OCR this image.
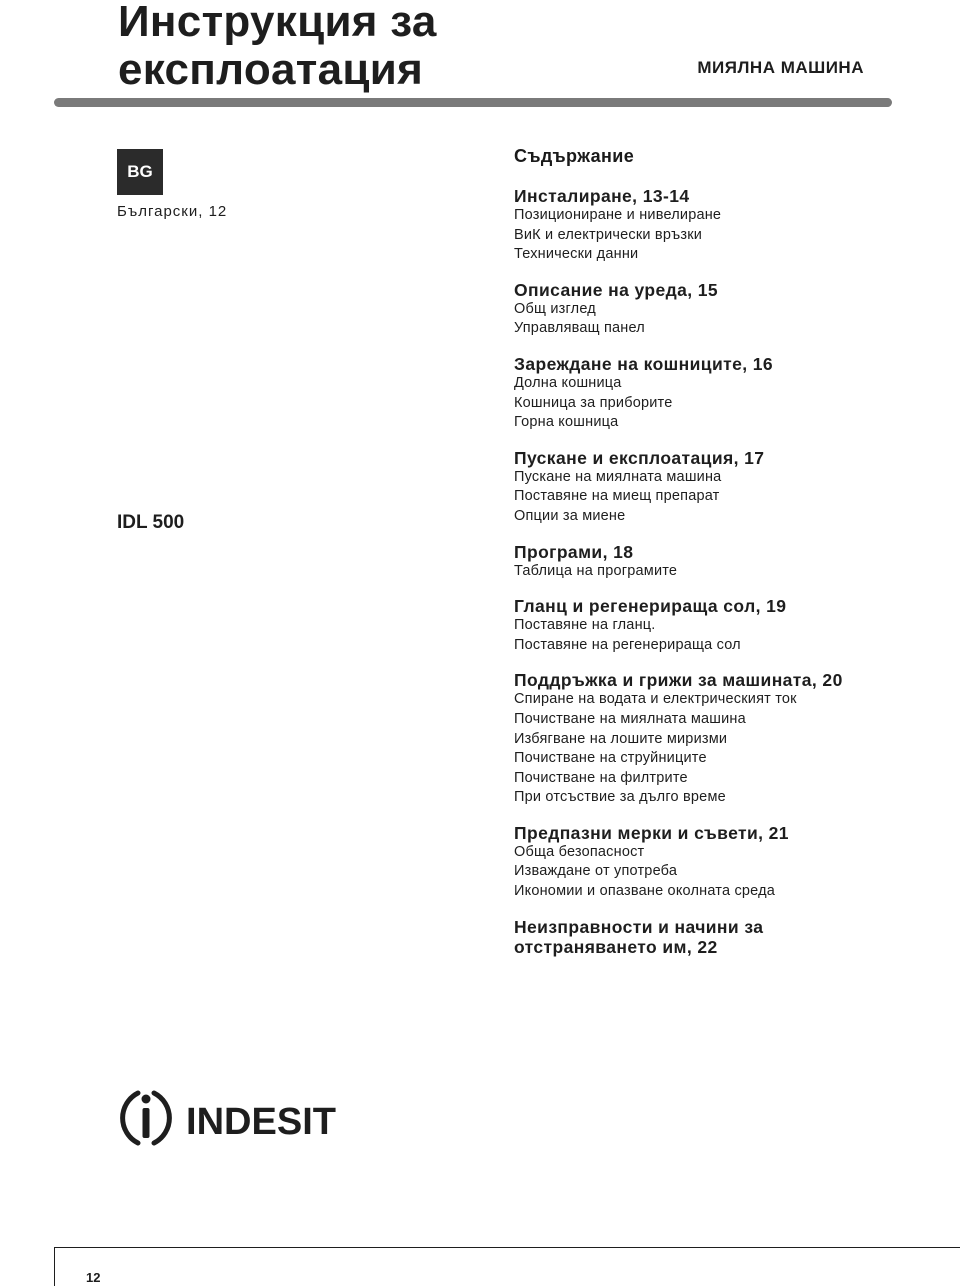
Инструкция за
експлоатация	МИЯЛНА МАШИНА
BG
Български, 12
IDL 500
Съдържание
Инсталиране, 13-14
Позициониране и нивелиране
ВиК и електрически връзки
Технически данни
Описание на уреда, 15
Общ изглед
Управляващ панел
Зареждане на кошниците, 16
Долна кошница
Кошница за приборите
Горна кошница
Пускане и експлоатация, 17
Пускане на миялната машина
Поставяне на миещ препарат
Опции за миене
Програми, 18
Таблица на програмите
Гланц и регенерираща сол, 19
Поставяне на гланц.
Поставяне на регенерираща сол
Поддръжка и грижи за машината, 20
Спиране на водата и електрическият ток
Почистване на миялната машина
Избягване на лошите миризми
Почистване на струйниците
Почистване на филтрите
При отсъствие за дълго време
Предпазни мерки и съвети, 21
Обща безопасност
Изваждане от употреба
Икономии и опазване околната среда
Неизправности и начини за
отстраняването им, 22
INDESIT
12
